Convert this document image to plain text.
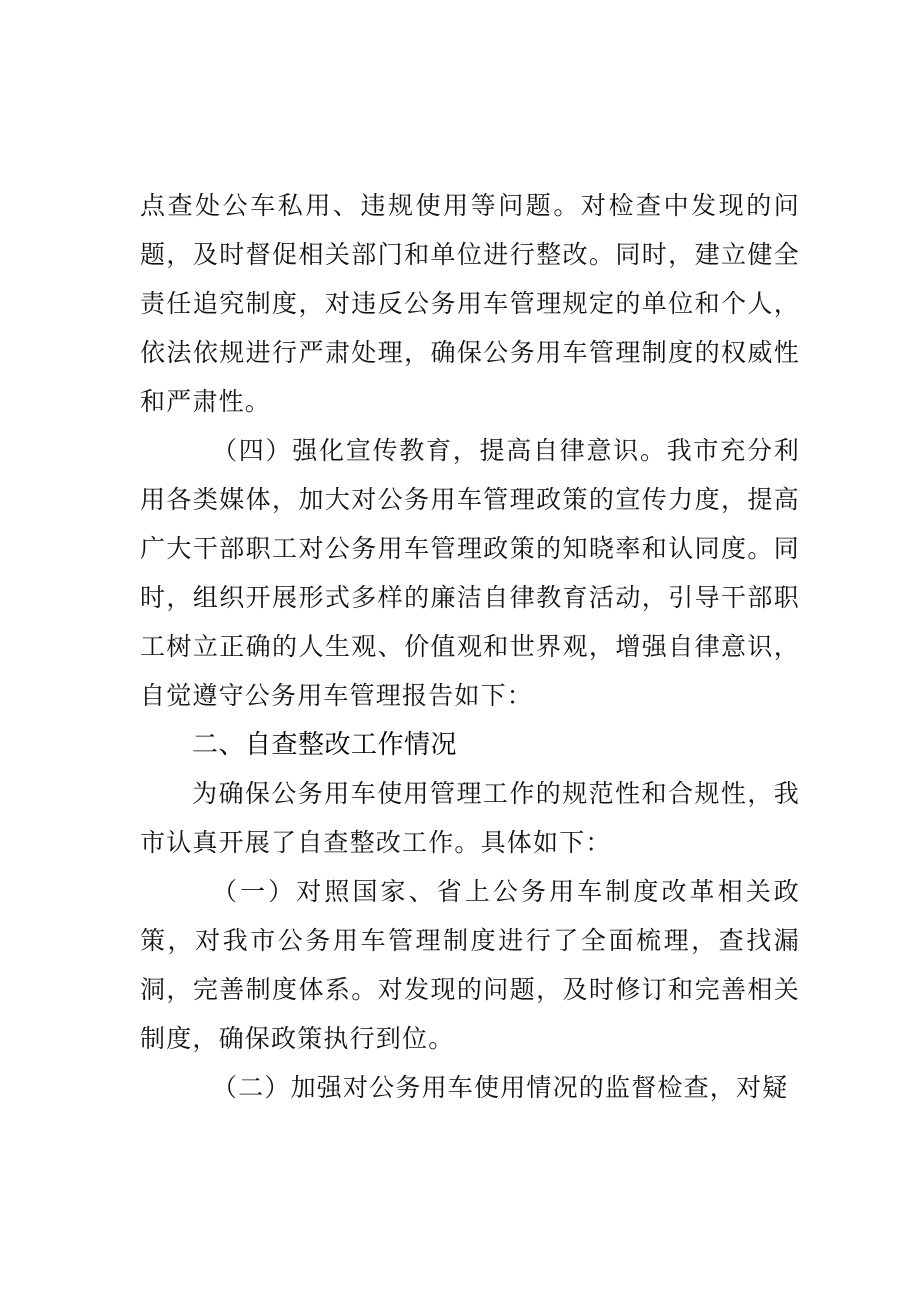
点查处公车私用、违规使用等问题。对检查中发现的问题，及时督促相关部门和单位进行整改。同时，建立健全责任追究制度，对违反公务用车管理规定的单位和个人，依法依规进行严肃处理，确保公务用车管理制度的权威性和严肃性。

（四）强化宣传教育，提高自律意识。我市充分利用各类媒体，加大对公务用车管理政策的宣传力度，提高广大干部职工对公务用车管理政策的知晓率和认同度。同时，组织开展形式多样的廉洁自律教育活动，引导干部职工树立正确的人生观、价值观和世界观，增强自律意识，自觉遵守公务用车管理报告如下：

二、自查整改工作情况

为确保公务用车使用管理工作的规范性和合规性，我市认真开展了自查整改工作。具体如下：

（一）对照国家、省上公务用车制度改革相关政策，对我市公务用车管理制度进行了全面梳理，查找漏洞，完善制度体系。对发现的问题，及时修订和完善相关制度，确保政策执行到位。

（二）加强对公务用车使用情况的监督检查，对疑
